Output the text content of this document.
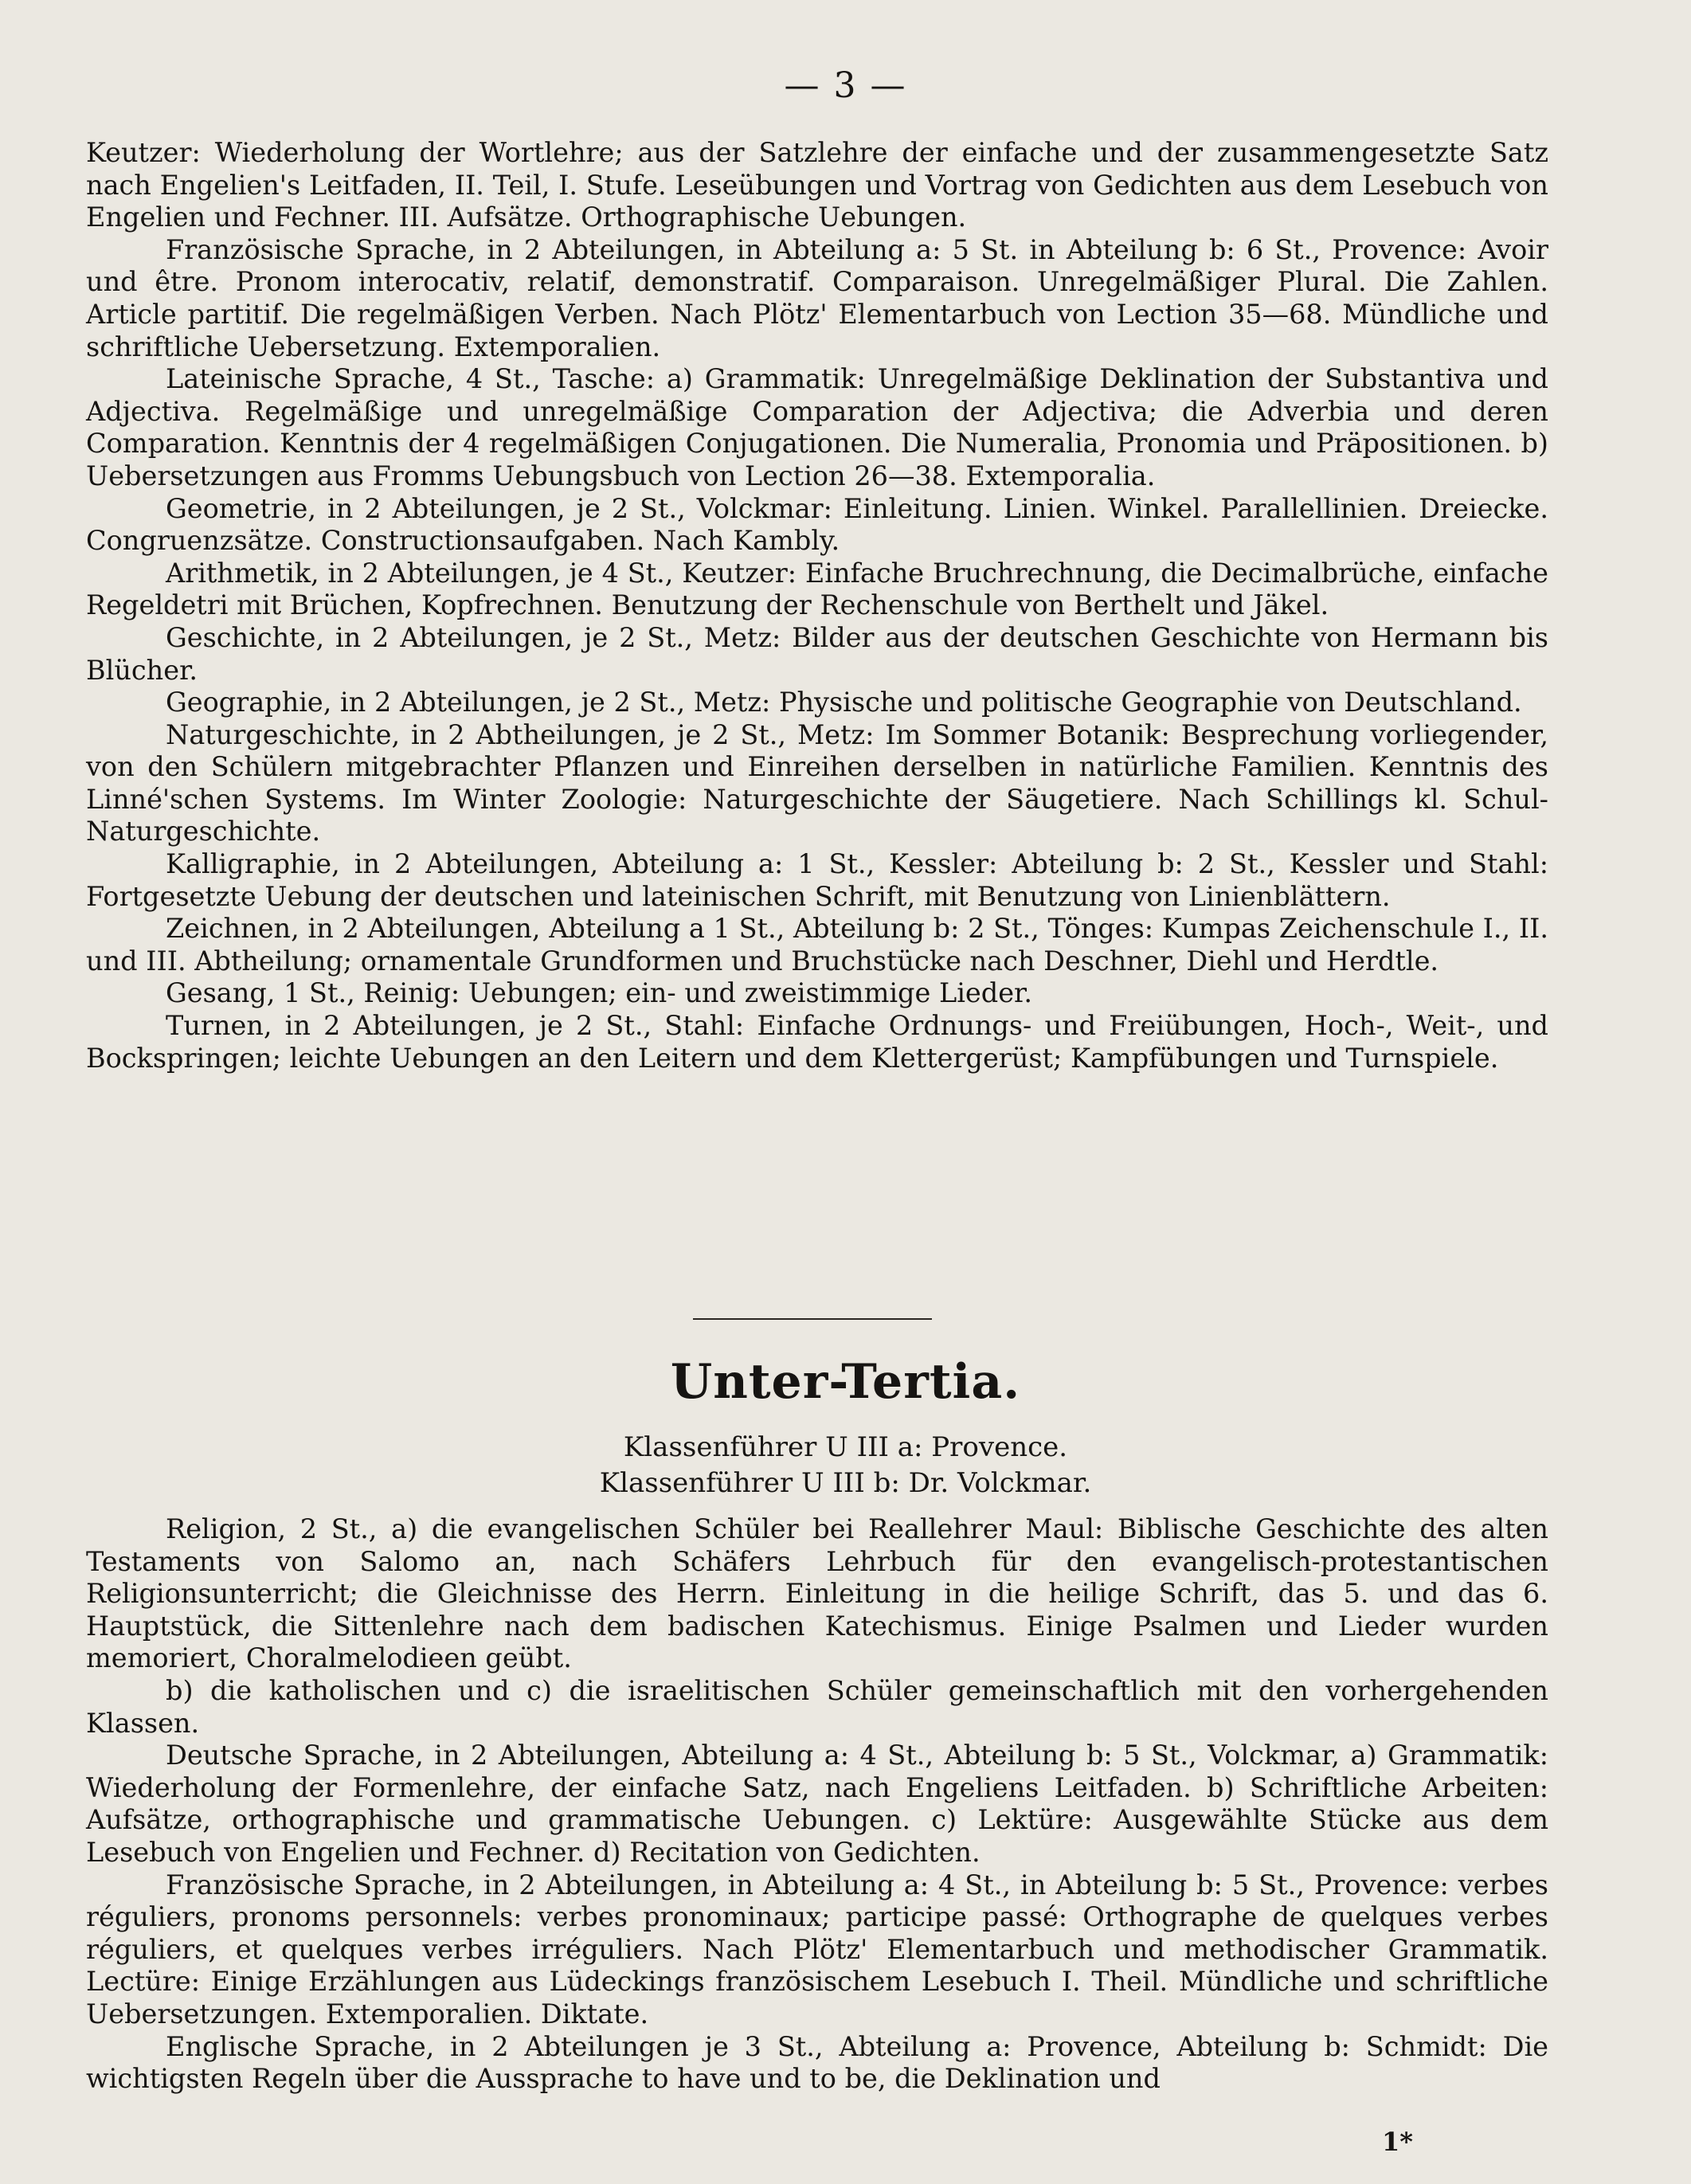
— 3 —

Keutzer: Wiederholung der Wortlehre; aus der Satzlehre der einfache und der zusammengesetzte Satz nach Engelien's Leitfaden, II. Teil, I. Stufe. Leseübungen und Vortrag von Gedichten aus dem Lesebuch von Engelien und Fechner. III. Aufsätze. Orthographische Uebungen.

Französische Sprache, in 2 Abteilungen, in Abteilung a: 5 St. in Abteilung b: 6 St., Provence: Avoir und être. Pronom interocativ, relatif, demonstratif. Comparaison. Unregelmäßiger Plural. Die Zahlen. Article partitif. Die regelmäßigen Verben. Nach Plötz' Elementarbuch von Lection 35—68. Mündliche und schriftliche Uebersetzung. Extemporalien.

Lateinische Sprache, 4 St., Tasche: a) Grammatik: Unregelmäßige Deklination der Substantiva und Adjectiva. Regelmäßige und unregelmäßige Comparation der Adjectiva; die Adverbia und deren Comparation. Kenntnis der 4 regelmäßigen Conjugationen. Die Numeralia, Pronomia und Präpositionen. b) Uebersetzungen aus Fromms Uebungsbuch von Lection 26—38. Extemporalia.

Geometrie, in 2 Abteilungen, je 2 St., Volckmar: Einleitung. Linien. Winkel. Parallellinien. Dreiecke. Congruenzsätze. Constructionsaufgaben. Nach Kambly.

Arithmetik, in 2 Abteilungen, je 4 St., Keutzer: Einfache Bruchrechnung, die Decimalbrüche, einfache Regeldetri mit Brüchen, Kopfrechnen. Benutzung der Rechenschule von Berthelt und Jäkel.

Geschichte, in 2 Abteilungen, je 2 St., Metz: Bilder aus der deutschen Geschichte von Hermann bis Blücher.

Geographie, in 2 Abteilungen, je 2 St., Metz: Physische und politische Geographie von Deutschland.

Naturgeschichte, in 2 Abtheilungen, je 2 St., Metz: Im Sommer Botanik: Besprechung vorliegender, von den Schülern mitgebrachter Pflanzen und Einreihen derselben in natürliche Familien. Kenntnis des Linné'schen Systems. Im Winter Zoologie: Naturgeschichte der Säugetiere. Nach Schillings kl. Schul-Naturgeschichte.

Kalligraphie, in 2 Abteilungen, Abteilung a: 1 St., Kessler: Abteilung b: 2 St., Kessler und Stahl: Fortgesetzte Uebung der deutschen und lateinischen Schrift, mit Benutzung von Linienblättern.

Zeichnen, in 2 Abteilungen, Abteilung a 1 St., Abteilung b: 2 St., Tönges: Kumpas Zeichenschule I., II. und III. Abtheilung; ornamentale Grundformen und Bruchstücke nach Deschner, Diehl und Herdtle.

Gesang, 1 St., Reinig: Uebungen; ein- und zweistimmige Lieder.

Turnen, in 2 Abteilungen, je 2 St., Stahl: Einfache Ordnungs- und Freiübungen, Hoch-, Weit-, und Bockspringen; leichte Uebungen an den Leitern und dem Klettergerüst; Kampfübungen und Turnspiele.

Unter-Tertia.
Klassenführer U III a: Provence.
Klassenführer U III b: Dr. Volckmar.

Religion, 2 St., a) die evangelischen Schüler bei Reallehrer Maul: Biblische Geschichte des alten Testaments von Salomo an, nach Schäfers Lehrbuch für den evangelisch-protestantischen Religionsunterricht; die Gleichnisse des Herrn. Einleitung in die heilige Schrift, das 5. und das 6. Hauptstück, die Sittenlehre nach dem badischen Katechismus. Einige Psalmen und Lieder wurden memoriert, Choralmelodieen geübt.

b) die katholischen und c) die israelitischen Schüler gemeinschaftlich mit den vorhergehenden Klassen.

Deutsche Sprache, in 2 Abteilungen, Abteilung a: 4 St., Abteilung b: 5 St., Volckmar, a) Grammatik: Wiederholung der Formenlehre, der einfache Satz, nach Engeliens Leitfaden. b) Schriftliche Arbeiten: Aufsätze, orthographische und grammatische Uebungen. c) Lektüre: Ausgewählte Stücke aus dem Lesebuch von Engelien und Fechner. d) Recitation von Gedichten.

Französische Sprache, in 2 Abteilungen, in Abteilung a: 4 St., in Abteilung b: 5 St., Provence: verbes réguliers, pronoms personnels: verbes pronominaux; participe passé: Orthographe de quelques verbes réguliers, et quelques verbes irréguliers. Nach Plötz' Elementarbuch und methodischer Grammatik. Lectüre: Einige Erzählungen aus Lüdeckings französischem Lesebuch I. Theil. Mündliche und schriftliche Uebersetzungen. Extemporalien. Diktate.

Englische Sprache, in 2 Abteilungen je 3 St., Abteilung a: Provence, Abteilung b: Schmidt: Die wichtigsten Regeln über die Aussprache to have und to be, die Deklination und

1*
